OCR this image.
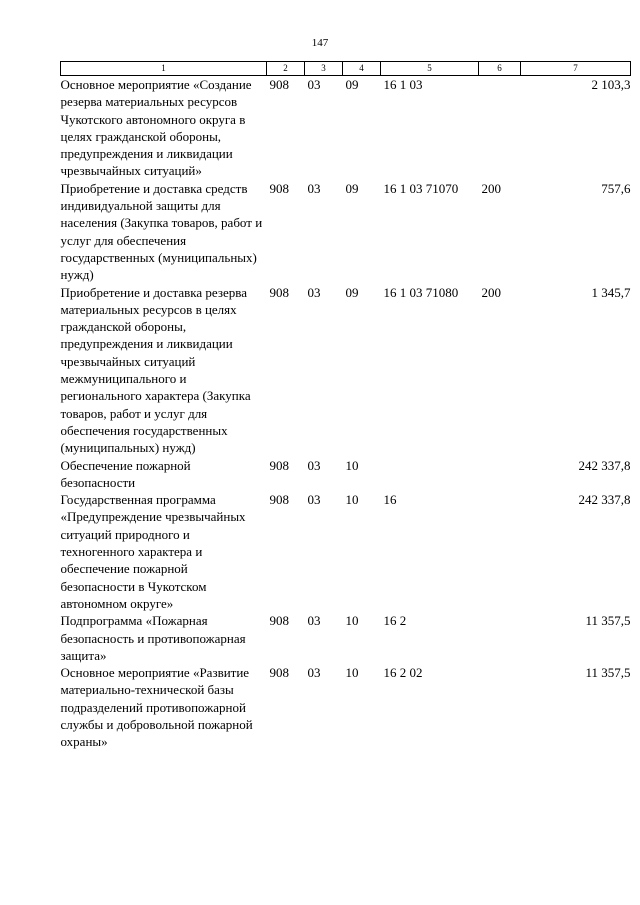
147
1	2	3	4	5	6	7
Основное мероприятие «Создание резерва материальных ресурсов Чукотского автономного округа в целях гражданской обороны, предупреждения и ликвидации чрезвычайных ситуаций»	908	03	09	16 1 03		2 103,3
Приобретение и доставка средств индивидуальной защиты для населения (Закупка товаров, работ и услуг для обеспечения государственных (муниципальных) нужд)	908	03	09	16 1 03 71070	200	757,6
Приобретение и доставка резерва материальных ресурсов в целях гражданской обороны, предупреждения и ликвидации чрезвычайных ситуаций межмуниципального и регионального характера (Закупка товаров, работ и услуг для обеспечения государственных (муниципальных) нужд)	908	03	09	16 1 03 71080	200	1 345,7
Обеспечение пожарной безопасности	908	03	10			242 337,8
Государственная программа «Предупреждение чрезвычайных ситуаций природного и техногенного характера и обеспечение пожарной безопасности в Чукотском автономном округе»	908	03	10	16		242 337,8
Подпрограмма «Пожарная безопасность и противопожарная защита»	908	03	10	16 2		11 357,5
Основное мероприятие «Развитие материально-технической базы подразделений противопожарной службы и добровольной пожарной охраны»	908	03	10	16 2 02		11 357,5
